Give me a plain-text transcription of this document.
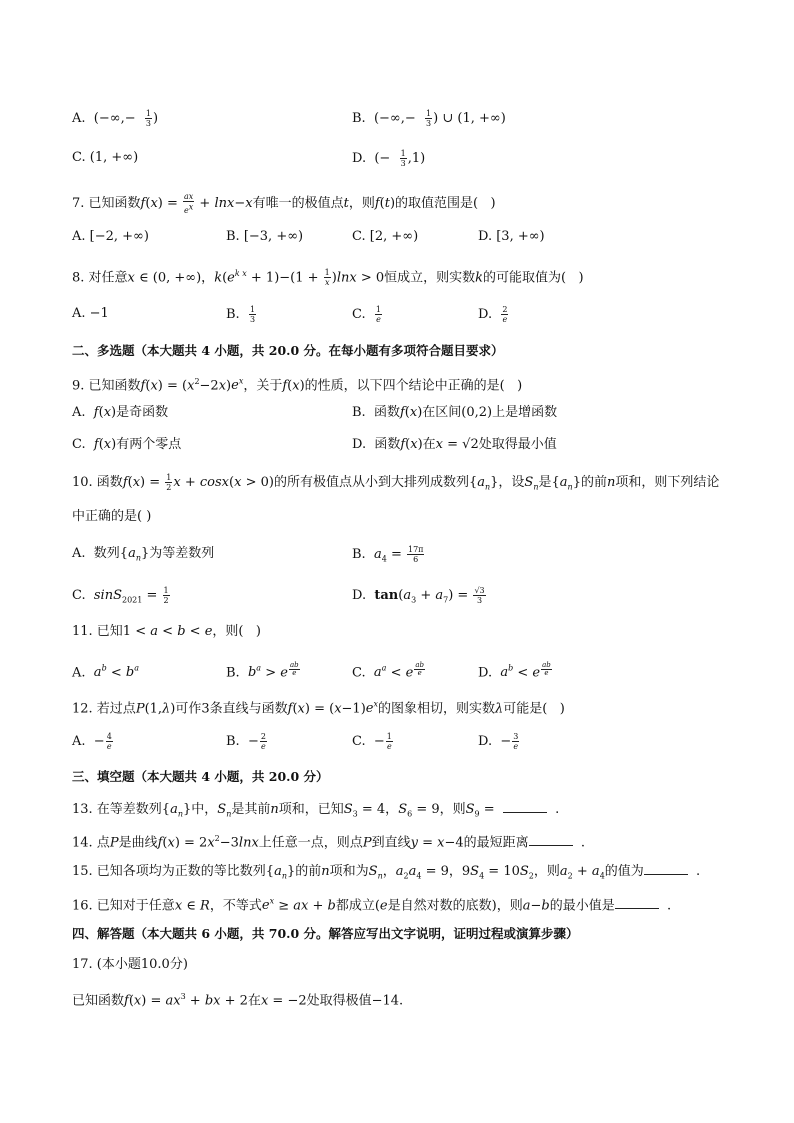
A.  (−∞,− $\frac{1}{3}$ )	B.  (−∞,− $\frac{1}{3}$ ) ∪ (1, +∞)
C. (1, +∞)	D.  (− $\frac{1}{3} ,1$)
7. 已知函数$f(x) = \frac{ax}{e^x} + \ln x-x$有唯一的极值点t，则f(t)的取值范围是(   )
A. [−2, +∞)	B. [−3, +∞)	C. [2, +∞)	D. [3, +∞)
8. 对任意x ∈ (0, +∞)，$k(e^{k x} + 1)-(1 + \frac{1}{x} )\ln x > 0$恒成立，则实数k的可能取值为(   )
A. −1	B. $\frac{1}{3}$	C. $\frac{1}{e}$	D. $\frac{2}{e}$
二、多选题（本大题共 4 小题，共 20.0 分。在每小题有多项符合题目要求）
9. 已知函数$f(x) = (x^2-2x)e^x$，关于f(x)的性质，以下四个结论中正确的是(   )
A.  f(x)是奇函数	B.  函数f(x)在区间(0,2)上是增函数
C.  f(x)有两个零点	D.  函数f(x)在x = √2处取得最小值
10. 函数$f(x) = \frac{1}{2}$ x + cosx(x > 0)的所有极值点从小到大排列成数列$\{a_n\}$，设$S_n$是$\{a_n\}$的前n项和，则下列结论
中正确的是( )
A.  数列$\{a_n\}$为等差数列	B.  $a_4 = \frac{17\pi}{6}$
C.  $\sin S_{2021} = \frac{1}{2}$	D.  $\tan(a_3 + a_7) = \frac{√3}{3}$
11. 已知1 < a < b < e，则(   )
A.  $a^b < b^a$	B.  $b^a > e$ $^{\frac{ab}{e}}$	C.  $a^a < e$ $^{\frac{ab}{e}}$	D.  $a^b < e$ $^{\frac{ab}{e}}$
12. 若过点P(1,λ)可作3条直线与函数$f(x) = (x-1)e^x$的图象相切，则实数λ可能是(   )
A.  − $\frac{4}{e}$	B.  − $\frac{2}{e}$	C.  − $\frac{1}{e}$	D.  − $\frac{3}{e}$
三、填空题（本大题共 4 小题，共 20.0 分）
13. 在等差数列$\{a_n\}$中，$S_n$是其前n项和，已知$S_3 = 4$，$S_6 = 9$，则$S_9$ =	.
14. 点P是曲线$f(x) = 2x^2-3\ln x$上任意一点，则点P到直线y = x−4的最短距离	.
15. 已知各项均为正数的等比数列$\{a_n\}$的前n项和为$S_n$，$a_2a_4 = 9$，$9S_4 = 10S_2$，则$a_2 + a_4$的值为	.
16. 已知对于任意x ∈ R，不等式$e^x$ ≥ ax + b都成立(e是自然对数的底数)，则a−b的最小值是	.
四、解答题（本大题共 6 小题，共 70.0 分。解答应写出文字说明，证明过程或演算步骤）
17. (本小题10.0分)
已知函数$f(x) = ax^3$ + bx + 2在x = −2处取得极值−14.
